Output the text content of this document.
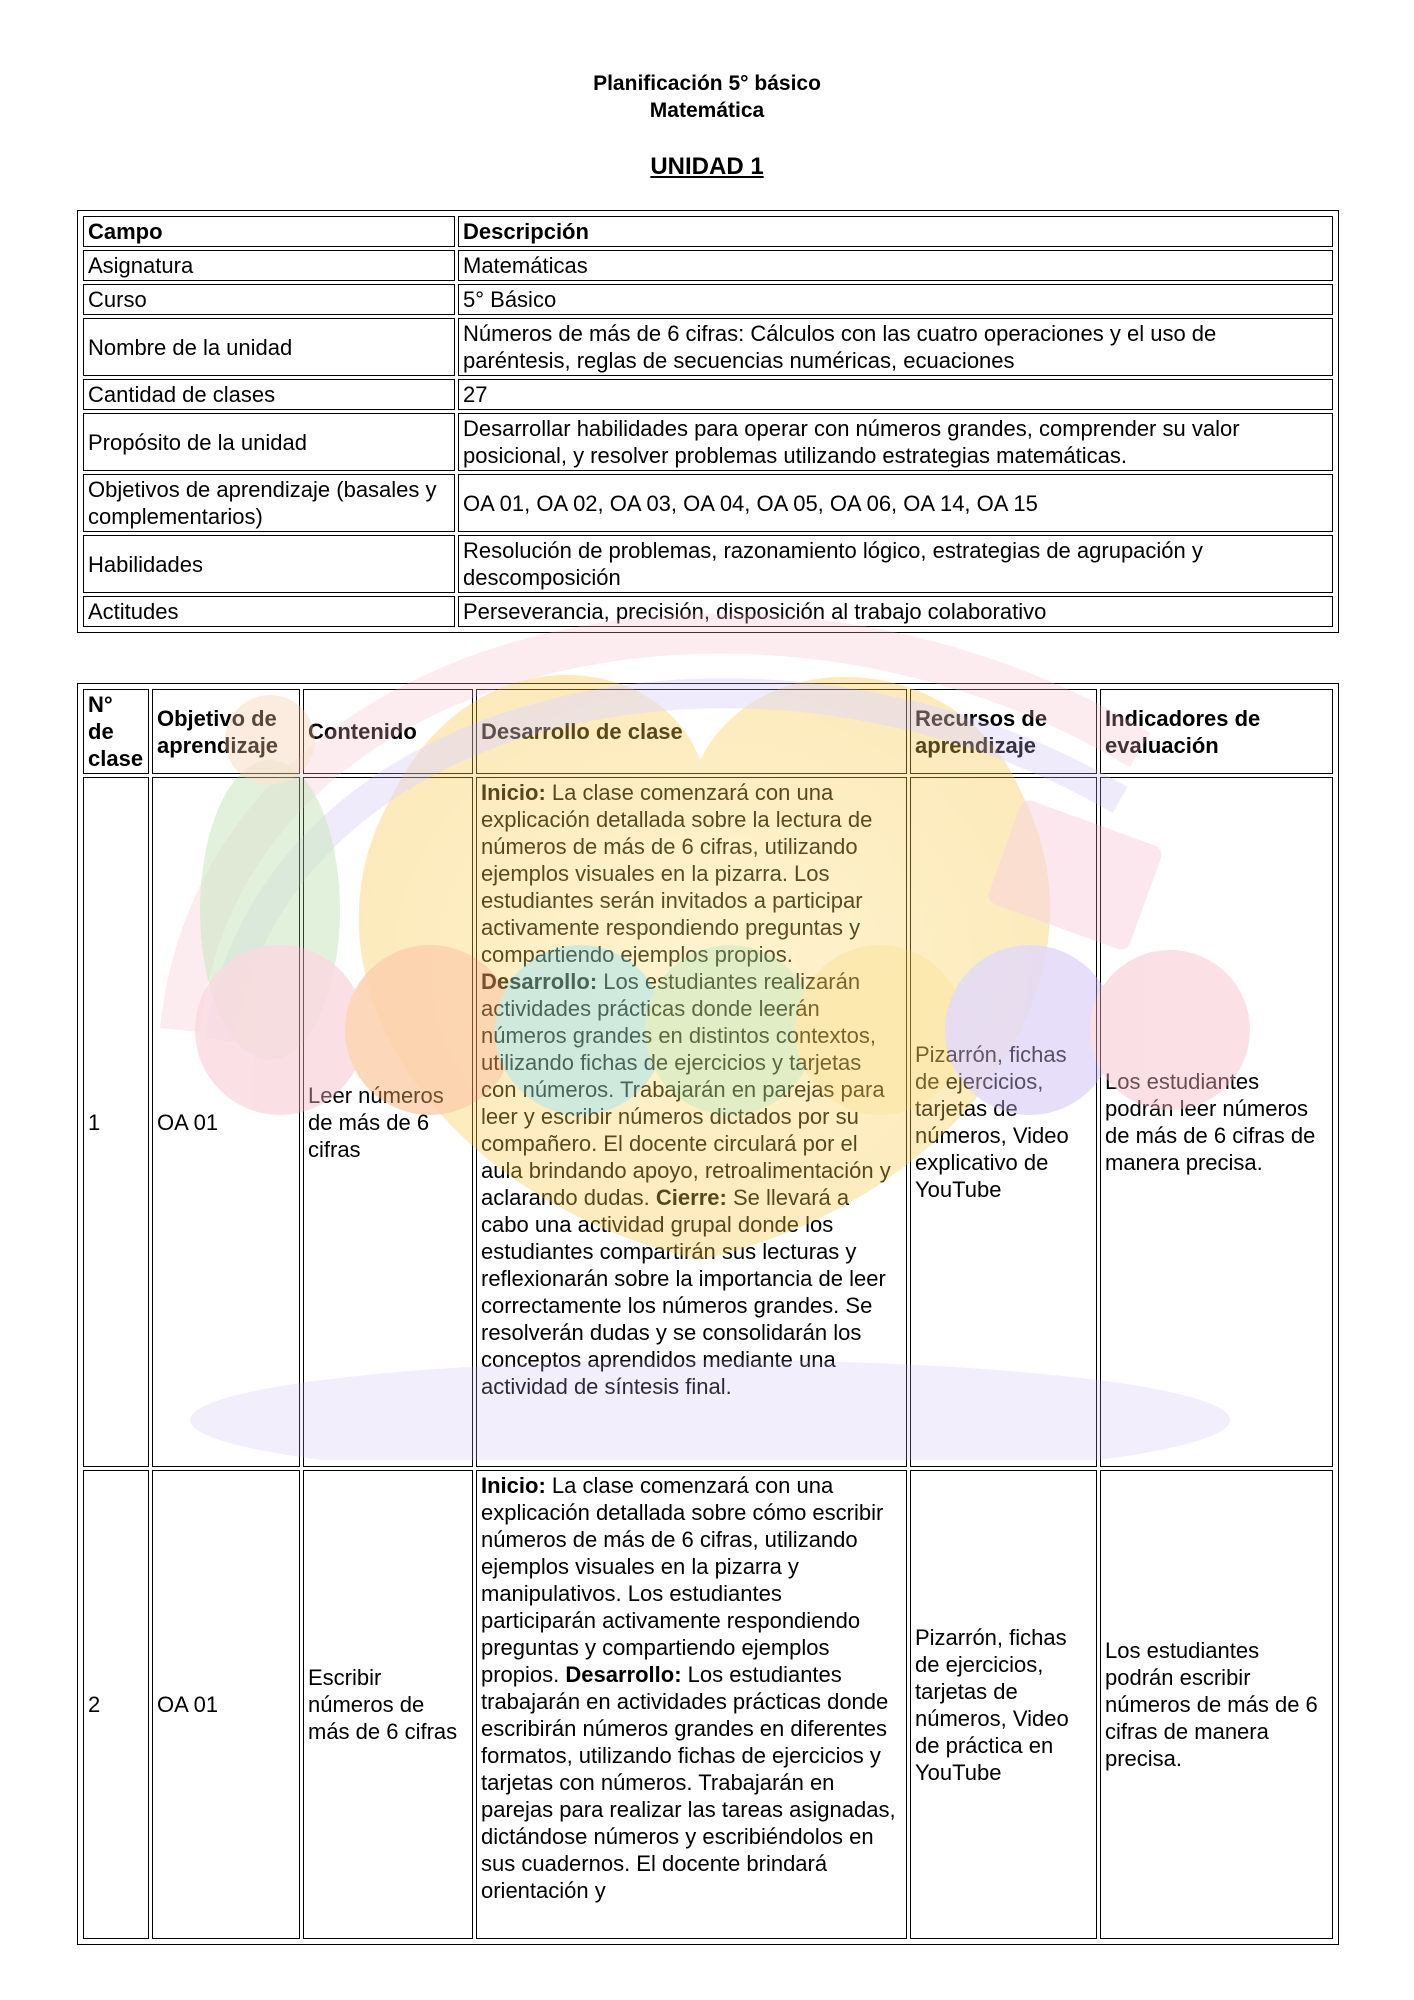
Planificación 5° básico
Matemática
UNIDAD 1
Campo	Descripción
Asignatura	Matemáticas
Curso	5° Básico
Nombre de la unidad	Números de más de 6 cifras: Cálculos con las cuatro operaciones y el uso de paréntesis, reglas de secuencias numéricas, ecuaciones
Cantidad de clases	27
Propósito de la unidad	Desarrollar habilidades para operar con números grandes, comprender su valor posicional, y resolver problemas utilizando estrategias matemáticas.
Objetivos de aprendizaje (basales y complementarios)	OA 01, OA 02, OA 03, OA 04, OA 05, OA 06, OA 14, OA 15
Habilidades	Resolución de problemas, razonamiento lógico, estrategias de agrupación y descomposición
Actitudes	Perseverancia, precisión, disposición al trabajo colaborativo
N° de clase	Objetivo de aprendizaje	Contenido	Desarrollo de clase	Recursos de aprendizaje	Indicadores de evaluación
1	OA 01	Leer números de más de 6 cifras	Inicio: La clase comenzará con una explicación detallada sobre la lectura de números de más de 6 cifras, utilizando ejemplos visuales en la pizarra. Los estudiantes serán invitados a participar activamente respondiendo preguntas y compartiendo ejemplos propios. Desarrollo: Los estudiantes realizarán actividades prácticas donde leerán números grandes en distintos contextos, utilizando fichas de ejercicios y tarjetas con números. Trabajarán en parejas para leer y escribir números dictados por su compañero. El docente circulará por el aula brindando apoyo, retroalimentación y aclarando dudas. Cierre: Se llevará a cabo una actividad grupal donde los estudiantes compartirán sus lecturas y reflexionarán sobre la importancia de leer correctamente los números grandes. Se resolverán dudas y se consolidarán los conceptos aprendidos mediante una actividad de síntesis final.	Pizarrón, fichas de ejercicios, tarjetas de números, Video explicativo de YouTube	Los estudiantes podrán leer números de más de 6 cifras de manera precisa.
2	OA 01	Escribir números de más de 6 cifras	Inicio: La clase comenzará con una explicación detallada sobre cómo escribir números de más de 6 cifras, utilizando ejemplos visuales en la pizarra y manipulativos. Los estudiantes participarán activamente respondiendo preguntas y compartiendo ejemplos propios. Desarrollo: Los estudiantes trabajarán en actividades prácticas donde escribirán números grandes en diferentes formatos, utilizando fichas de ejercicios y tarjetas con números. Trabajarán en parejas para realizar las tareas asignadas, dictándose números y escribiéndolos en sus cuadernos. El docente brindará orientación y	Pizarrón, fichas de ejercicios, tarjetas de números, Video de práctica en YouTube	Los estudiantes podrán escribir números de más de 6 cifras de manera precisa.
